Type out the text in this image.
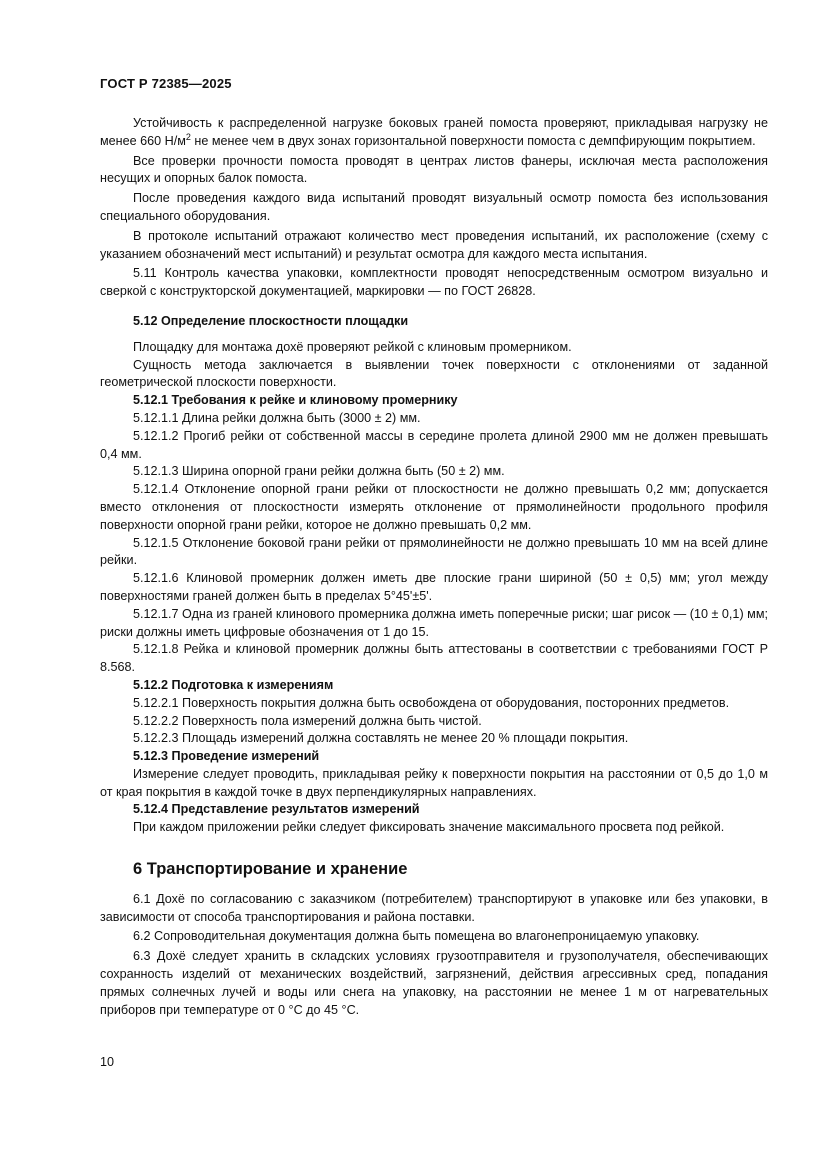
ГОСТ Р 72385—2025

Устойчивость к распределенной нагрузке боковых граней помоста проверяют, прикладывая нагрузку не менее 660 $Н/м^2$ не менее чем в двух зонах горизонтальной поверхности помоста с демпфирующим покрытием.

Все проверки прочности помоста проводят в центрах листов фанеры, исключая места расположения несущих и опорных балок помоста.

После проведения каждого вида испытаний проводят визуальный осмотр помоста без использования специального оборудования.

В протоколе испытаний отражают количество мест проведения испытаний, их расположение (схему с указанием обозначений мест испытаний) и результат осмотра для каждого места испытания.

5.11 Контроль качества упаковки, комплектности проводят непосредственным осмотром визуально и сверкой с конструкторской документацией, маркировки — по ГОСТ 26828.

5.12 Определение плоскостности площадки

Площадку для монтажа дохё проверяют рейкой с клиновым промерником.

Сущность метода заключается в выявлении точек поверхности с отклонениями от заданной геометрической плоскости поверхности.

5.12.1 Требования к рейке и клиновому промернику

5.12.1.1 Длина рейки должна быть (3000 ± 2) мм.

5.12.1.2 Прогиб рейки от собственной массы в середине пролета длиной 2900 мм не должен превышать 0,4 мм.

5.12.1.3 Ширина опорной грани рейки должна быть (50 ± 2) мм.

5.12.1.4 Отклонение опорной грани рейки от плоскостности не должно превышать 0,2 мм; допускается вместо отклонения от плоскостности измерять отклонение от прямолинейности продольного профиля поверхности опорной грани рейки, которое не должно превышать 0,2 мм.

5.12.1.5 Отклонение боковой грани рейки от прямолинейности не должно превышать 10 мм на всей длине рейки.

5.12.1.6 Клиновой промерник должен иметь две плоские грани шириной (50 ± 0,5) мм; угол между поверхностями граней должен быть в пределах 5°45'±5'.

5.12.1.7 Одна из граней клинового промерника должна иметь поперечные риски; шаг рисок — (10 ± 0,1) мм; риски должны иметь цифровые обозначения от 1 до 15.

5.12.1.8 Рейка и клиновой промерник должны быть аттестованы в соответствии с требованиями ГОСТ Р 8.568.

5.12.2 Подготовка к измерениям

5.12.2.1 Поверхность покрытия должна быть освобождена от оборудования, посторонних предметов.

5.12.2.2 Поверхность пола измерений должна быть чистой.

5.12.2.3 Площадь измерений должна составлять не менее 20 % площади покрытия.

5.12.3 Проведение измерений

Измерение следует проводить, прикладывая рейку к поверхности покрытия на расстоянии от 0,5 до 1,0 м от края покрытия в каждой точке в двух перпендикулярных направлениях.

5.12.4 Представление результатов измерений

При каждом приложении рейки следует фиксировать значение максимального просвета под рейкой.

6 Транспортирование и хранение

6.1 Дохё по согласованию с заказчиком (потребителем) транспортируют в упаковке или без упаковки, в зависимости от способа транспортирования и района поставки.

6.2 Сопроводительная документация должна быть помещена во влагонепроницаемую упаковку.

6.3 Дохё следует хранить в складских условиях грузоотправителя и грузополучателя, обеспечивающих сохранность изделий от механических воздействий, загрязнений, действия агрессивных сред, попадания прямых солнечных лучей и воды или снега на упаковку, на расстоянии не менее 1 м от нагревательных приборов при температуре от 0 °С до 45 °С.

10
